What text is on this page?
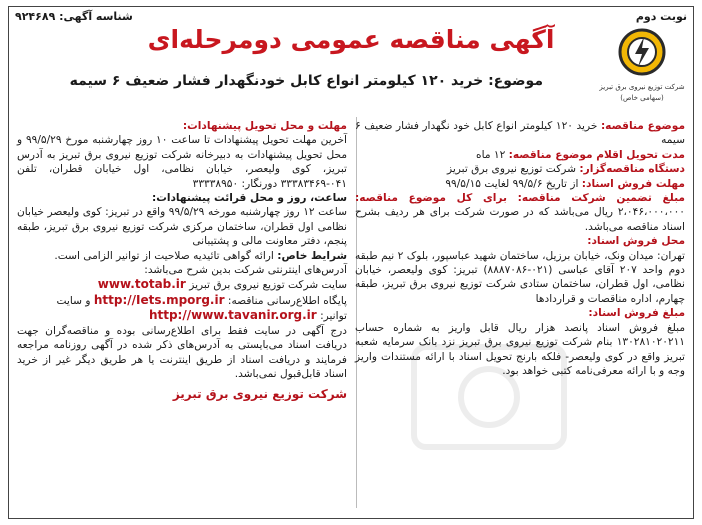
نوبت دوم
شناسه آگهی: ۹۲۴۶۸۹
آگهی مناقصه عمومی دومرحله‌ای
شرکت توزیع نیروی برق تبریز
(سهامی خاص)
موضوع: خرید ۱۲۰ کیلومتر انواع کابل خودنگهدار فشار ضعیف ۶ سیمه

موضوع مناقصه: خرید ۱۲۰ کیلومتر انواع کابل خود نگهدار فشار ضعیف ۶ سیمه

مدت تحویل اقلام موضوع مناقصه: ۱۲ ماه

دستگاه مناقصه‌گزار: شرکت توزیع نیروی برق تبریز

مهلت فروش اسناد: از تاریخ ۹۹/۵/۶ لغایت ۹۹/۵/۱۵

مبلغ تضمین شرکت مناقصه: برای کل موضوع مناقصه: ۲،۰۴۶،۰۰۰،۰۰۰ ریال می‌باشد که در صورت شرکت برای هر ردیف بشرح اسناد مناقصه می‌باشد.

محل فروش اسناد:

تهران: میدان ونک، خیابان برزیل، ساختمان شهید عباسپور، بلوک ۲ نیم طبقه دوم واحد ۲۰۷ آقای عباسی (۰۲۱-۸۸۸۷۰۸۶) تبریز: کوی ولیعصر، خیابان نظامی، اول قطران، ساختمان ستادی شرکت توزیع نیروی برق تبریز، طبقه چهارم، اداره مناقصات و قراردادها

مبلغ فروش اسناد:

مبلغ فروش اسناد پانصد هزار ریال قابل واریز به شماره حساب ۱۳۰۲۸۱۰۲۰۲۱۱ بنام شرکت توزیع نیروی برق تبریز نزد بانک سرمایه شعبه تبریز واقع در کوی ولیعصر- فلکه بارنج تحویل اسناد با ارائه مستندات واریز وجه و با ارائه معرفی‌نامه کتبی خواهد بود.

مهلت و محل تحویل پیشنهادات:

آخرین مهلت تحویل پیشنهادات تا ساعت ۱۰ روز چهارشنبه مورخ ۹۹/۵/۲۹ و محل تحویل پیشنهادات به دبیرخانه شرکت توزیع نیروی برق تبریز به آدرس تبریز، کوی ولیعصر، خیابان نظامی، اول خیابان قطران، تلفن ۰۴۱-۳۳۳۸۳۴۶۹ دورنگار: ۳۳۳۳۸۹۵۰

ساعت، روز و محل قرائت پیشنهادات:

ساعت ۱۲ روز چهارشنبه مورخه ۹۹/۵/۲۹ واقع در تبریز: کوی ولیعصر خیابان نظامی اول قطران، ساختمان مرکزی شرکت توزیع نیروی برق تبریز، طبقه پنجم، دفتر معاونت مالی و پشتیبانی

شرایط خاص: ارائه گواهی تائیدیه صلاحیت از توانیر الزامی است.

آدرس‌های اینترنتی شرکت بدین شرح می‌باشد:

سایت شرکت توزیع نیروی برق تبریز www.totab.ir

پایگاه اطلاع‌رسانی مناقصه: http://Iets.mporg.ir و سایت

توانیر: http://www.tavanir.org.ir

درج آگهی در سایت فقط برای اطلاع‌رسانی بوده و مناقصه‌گران جهت دریافت اسناد می‌بایستی به آدرس‌های ذکر شده در آگهی روزنامه مراجعه فرمایند و دریافت اسناد از طریق اینترنت یا هر طریق دیگر غیر از خرید اسناد قابل‌قبول نمی‌باشد.

شرکت توزیع نیروی برق تبریز
